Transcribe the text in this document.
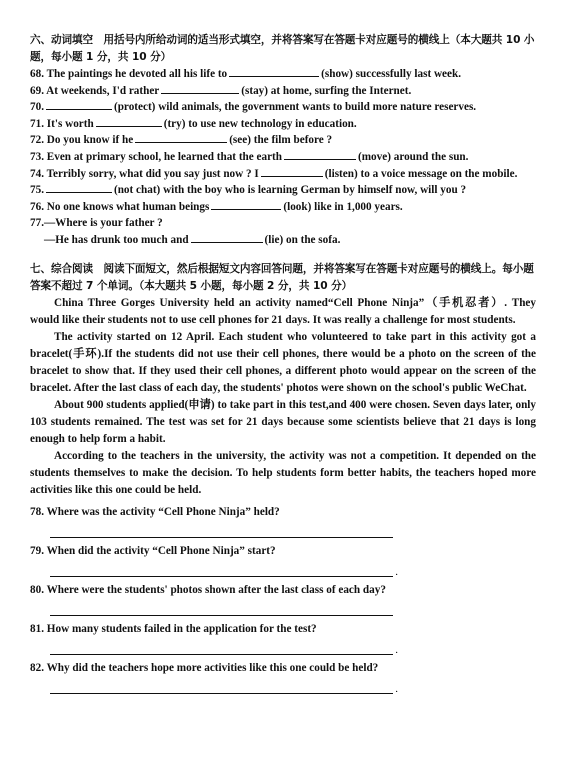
六、动词填空　用括号内所给动词的适当形式填空，并将答案写在答题卡对应题号的横线上（本大题共 10 小题，每小题 1 分，共 10 分）
68. The paintings he devoted all his life to	(show) successfully last week.
69. At weekends, I'd rather	(stay) at home, surfing the Internet.
70.	(protect) wild animals, the government wants to build more nature reserves.
71. It's worth	(try) to use new technology in education.
72. Do you know if he	(see) the film before ?
73. Even at primary school, he learned that the earth	(move) around the sun.
74. Terribly sorry, what did you say just now ? I	(listen) to a voice message on the mobile.
75.	(not chat) with the boy who is learning German by himself now, will you ?
76. No one knows what human beings	(look) like in 1,000 years.
77.—Where is your father ?
—He has drunk too much and	(lie) on the sofa.
七、综合阅读　阅读下面短文，然后根据短文内容回答问题，并将答案写在答题卡对应题号的横线上。每小题答案不超过 7 个单词。（本大题共 5 小题，每小题 2 分，共 10 分）
China Three Gorges University held an activity named“Cell Phone Ninja”（手机忍者）. They would like their students not to use cell phones for 21 days. It was really a challenge for most students.
The activity started on 12 April. Each student who volunteered to take part in this activity got a bracelet(手环).If the students did not use their cell phones, there would be a photo on the screen of the bracelet to show that. If they used their cell phones, a different photo would appear on the screen of the bracelet. After the last class of each day, the students' photos were shown on the school's public WeChat.
About 900 students applied(申请) to take part in this test,and 400 were chosen. Seven days later, only 103 students remained. The test was set for 21 days because some scientists believe that 21 days is long enough to help form a habit.
According to the teachers in the university, the activity was not a competition. It depended on the students themselves to make the decision. To help students form better habits, the teachers hoped more activities like this one could be held.
78. Where was the activity “Cell Phone Ninja” held?
79. When did the activity “Cell Phone Ninja” start?
.
80. Where were the students' photos shown after the last class of each day?
81. How many students failed in the application for the test?
.
82. Why did the teachers hope more activities like this one could be held?
.
